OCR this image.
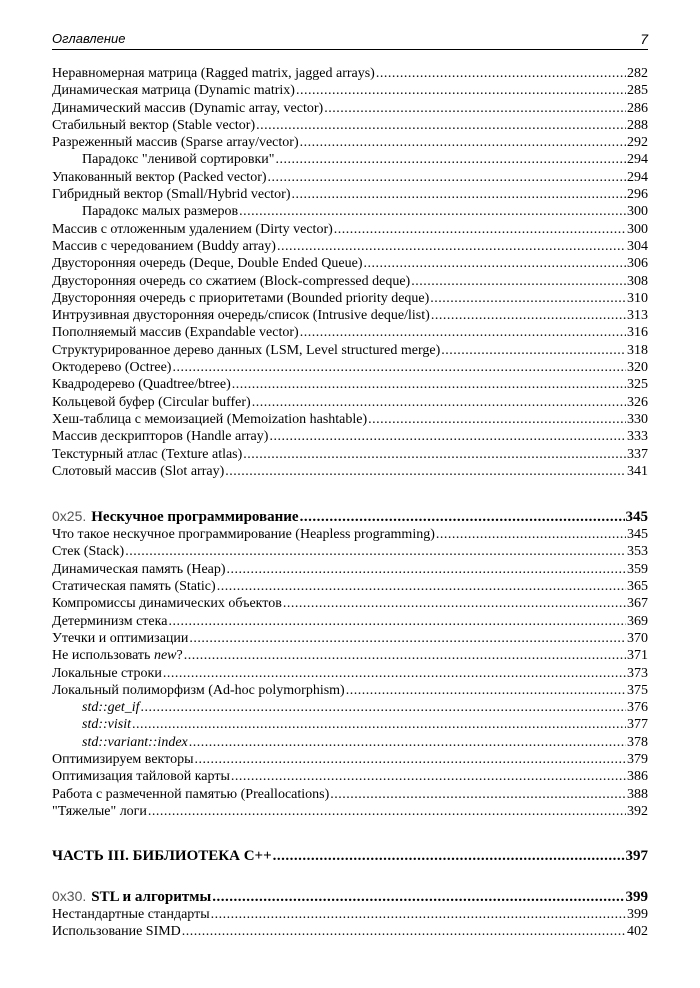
Оглавление	7
Неравномерная матрица (Ragged matrix, jagged arrays) .....	282
Динамическая матрица (Dynamic matrix) .....	285
Динамический массив (Dynamic array, vector) .....	286
Стабильный вектор (Stable vector) .....	288
Разреженный массив (Sparse array/vector) .....	292
Парадокс "ленивой сортировки" .....	294
Упакованный вектор (Packed vector) .....	294
Гибридный вектор (Small/Hybrid vector) .....	296
Парадокс малых размеров .....	300
Массив с отложенным удалением (Dirty vector) .....	300
Массив с чередованием (Buddy array) .....	304
Двусторонняя очередь (Deque, Double Ended Queue) .....	306
Двусторонняя очередь со сжатием (Block-compressed deque) .....	308
Двусторонняя очередь с приоритетами (Bounded priority deque) .....	310
Интрузивная двусторонняя очередь/список (Intrusive deque/list) .....	313
Пополняемый массив (Expandable vector) .....	316
Структурированное дерево данных (LSM, Level structured merge) .....	318
Октодерево (Octree) .....	320
Квадродерево (Quadtree/btree) .....	325
Кольцевой буфер (Circular buffer) .....	326
Хеш-таблица с мемоизацией (Memoization hashtable) .....	330
Массив дескрипторов (Handle array) .....	333
Текстурный атлас (Texture atlas) .....	337
Слотовый массив (Slot array) .....	341
0x25. Нескучное программирование .....	345
Что такое нескучное программирование (Heapless programming) .....	345
Стек (Stack) .....	353
Динамическая память (Heap) .....	359
Статическая память (Static) .....	365
Компромиссы динамических объектов .....	367
Детерминизм стека .....	369
Утечки и оптимизации .....	370
Не использовать new? .....	371
Локальные строки .....	373
Локальный полиморфизм (Ad-hoc polymorphism) .....	375
std::get_if .....	376
std::visit .....	377
std::variant::index .....	378
Оптимизируем векторы .....	379
Оптимизация тайловой карты .....	386
Работа с размеченной памятью (Preallocations) .....	388
"Тяжелые" логи .....	392
ЧАСТЬ III. БИБЛИОТЕКА C++ .....	397
0x30. STL и алгоритмы .....	399
Нестандартные стандарты .....	399
Использование SIMD .....	402
